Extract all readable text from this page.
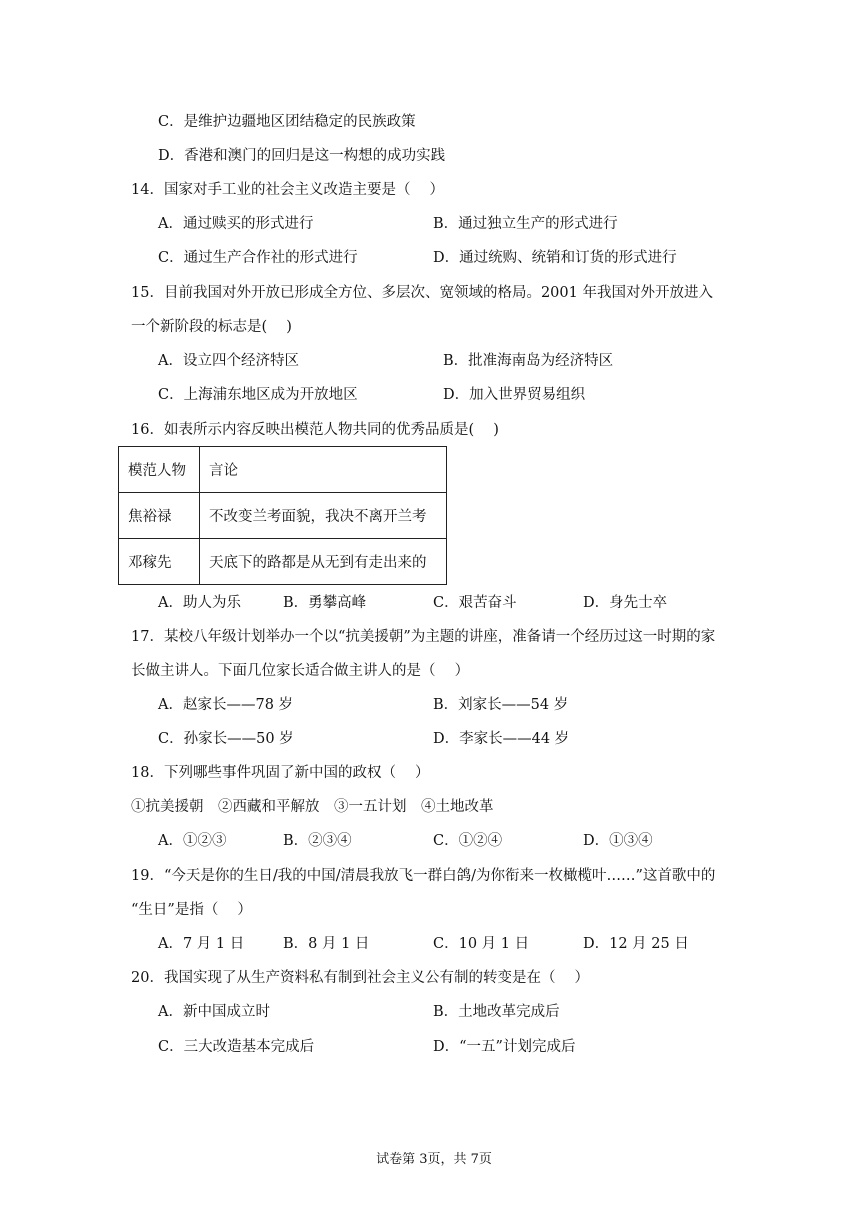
C．是维护边疆地区团结稳定的民族政策
D．香港和澳门的回归是这一构想的成功实践
14．国家对手工业的社会主义改造主要是（　 ）
A．通过赎买的形式进行	B．通过独立生产的形式进行
C．通过生产合作社的形式进行	D．通过统购、统销和订货的形式进行
15．目前我国对外开放已形成全方位、多层次、宽领域的格局。2001 年我国对外开放进入
一个新阶段的标志是(　 )
A．设立四个经济特区	B．批准海南岛为经济特区
C．上海浦东地区成为开放地区	D．加入世界贸易组织
16．如表所示内容反映出模范人物共同的优秀品质是(　 )
模范人物	言论
焦裕禄	不改变兰考面貌，我决不离开兰考
邓稼先	天底下的路都是从无到有走出来的
A．助人为乐	B．勇攀高峰	C．艰苦奋斗	D．身先士卒
17．某校八年级计划举办一个以“抗美援朝”为主题的讲座，准备请一个经历过这一时期的家
长做主讲人。下面几位家长适合做主讲人的是（　 ）
A．赵家长——78 岁	B．刘家长——54 岁
C．孙家长——50 岁	D．李家长——44 岁
18．下列哪些事件巩固了新中国的政权（　 ）
①抗美援朝　②西藏和平解放　③一五计划　④土地改革
A．①②③	B．②③④	C．①②④	D．①③④
19．“今天是你的生日/我的中国/清晨我放飞一群白鸽/为你衔来一枚橄榄叶……”这首歌中的
“生日”是指（　 ）
A．7 月 1 日	B．8 月 1 日	C．10 月 1 日	D．12 月 25 日
20．我国实现了从生产资料私有制到社会主义公有制的转变是在（　 ）
A．新中国成立时	B．土地改革完成后
C．三大改造基本完成后	D．“一五”计划完成后
试卷第 3页，共 7页
